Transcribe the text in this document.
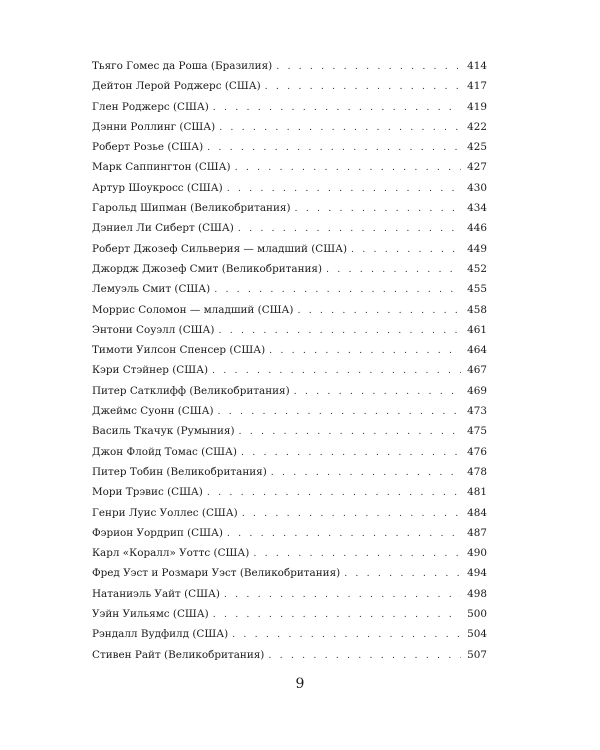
Тьяго Гомес да Роша (Бразилия) . . .	414
Дейтон Лерой Роджерс (США) . . .	417
Глен Роджерс (США) . . .	419
Дэнни Роллинг (США) . . .	422
Роберт Розье (США) . . .	425
Марк Саппингтон (США) . . .	427
Артур Шоукросс (США) . . .	430
Гарольд Шипман (Великобритания) . . .	434
Дэниел Ли Сиберт (США) . . .	446
Роберт Джозеф Сильверия — младший (США) . . .	449
Джордж Джозеф Смит (Великобритания) . . .	452
Лемуэль Смит (США) . . .	455
Моррис Соломон — младший (США) . . .	458
Энтони Соуэлл (США) . . .	461
Тимоти Уилсон Спенсер (США) . . .	464
Кэри Стэйнер (США) . . .	467
Питер Сатклифф (Великобритания) . . .	469
Джеймс Суонн (США) . . .	473
Василь Ткачук (Румыния) . . .	475
Джон Флойд Томас (США) . . .	476
Питер Тобин (Великобритания) . . .	478
Мори Трэвис (США) . . .	481
Генри Луис Уоллес (США) . . .	484
Фэрион Уордрип (США) . . .	487
Карл «Коралл» Уоттс (США) . . .	490
Фред Уэст и Розмари Уэст (Великобритания) . . .	494
Натаниэль Уайт (США) . . .	498
Уэйн Уильямс (США) . . .	500
Рэндалл Вудфилд (США) . . .	504
Стивен Райт (Великобритания) . . .	507
9
